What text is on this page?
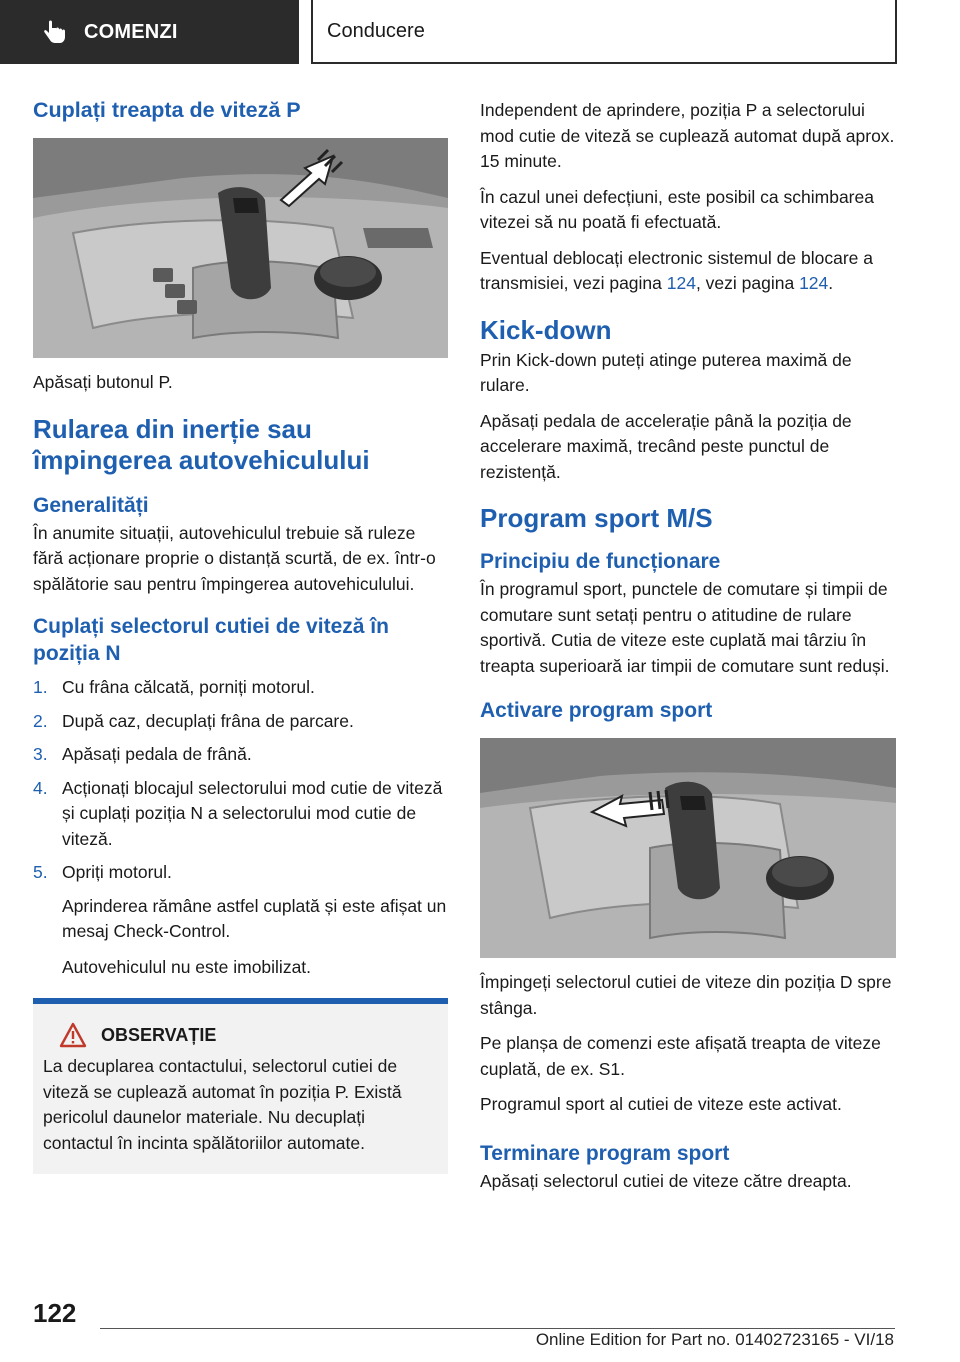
COMENZI	Conducere
Cuplați treapta de viteză P

Apăsați butonul P.

Rularea din inerție sau împingerea autovehiculului
Generalități

În anumite situații, autovehiculul trebuie să ruleze fără acționare proprie o distanță scurtă, de ex. într-o spălătorie sau pentru împingerea autovehiculului.

Cuplați selectorul cutiei de viteză în poziția N
1. Cu frâna călcată, porniți motorul.
2. După caz, decuplați frâna de parcare.
3. Apăsați pedala de frână.
4. Acționați blocajul selectorului mod cutie de viteză și cuplați poziția N a selectorului mod cutie de viteză.
5. Opriți motorul.

Aprinderea rămâne astfel cuplată și este afișat un mesaj Check-Control.

Autovehiculul nu este imobilizat.

OBSERVAȚIE

La decuplarea contactului, selectorul cutiei de viteză se cuplează automat în poziția P. Există pericolul daunelor materiale. Nu decuplați contactul în incinta spălătoriilor automate.

Independent de aprindere, poziția P a selectorului mod cutie de viteză se cuplează automat după aprox. 15 minute.

În cazul unei defecțiuni, este posibil ca schimbarea vitezei să nu poată fi efectuată.

Eventual deblocați electronic sistemul de blocare a transmisiei, vezi pagina 124, vezi pagina 124.

Kick-down

Prin Kick-down puteți atinge puterea maximă de rulare.

Apăsați pedala de accelerație până la poziția de accelerare maximă, trecând peste punctul de rezistență.

Program sport M/S
Principiu de funcționare

În programul sport, punctele de comutare și timpii de comutare sunt setați pentru o atitudine de rulare sportivă. Cutia de viteze este cuplată mai târziu în treapta superioară iar timpii de comutare sunt reduși.

Activare program sport

Împingeți selectorul cutiei de viteze din poziția D spre stânga.

Pe planșa de comenzi este afișată treapta de viteze cuplată, de ex. S1.

Programul sport al cutiei de viteze este activat.

Terminare program sport

Apăsați selectorul cutiei de viteze către dreapta.

122
Online Edition for Part no. 01402723165 - VI/18
